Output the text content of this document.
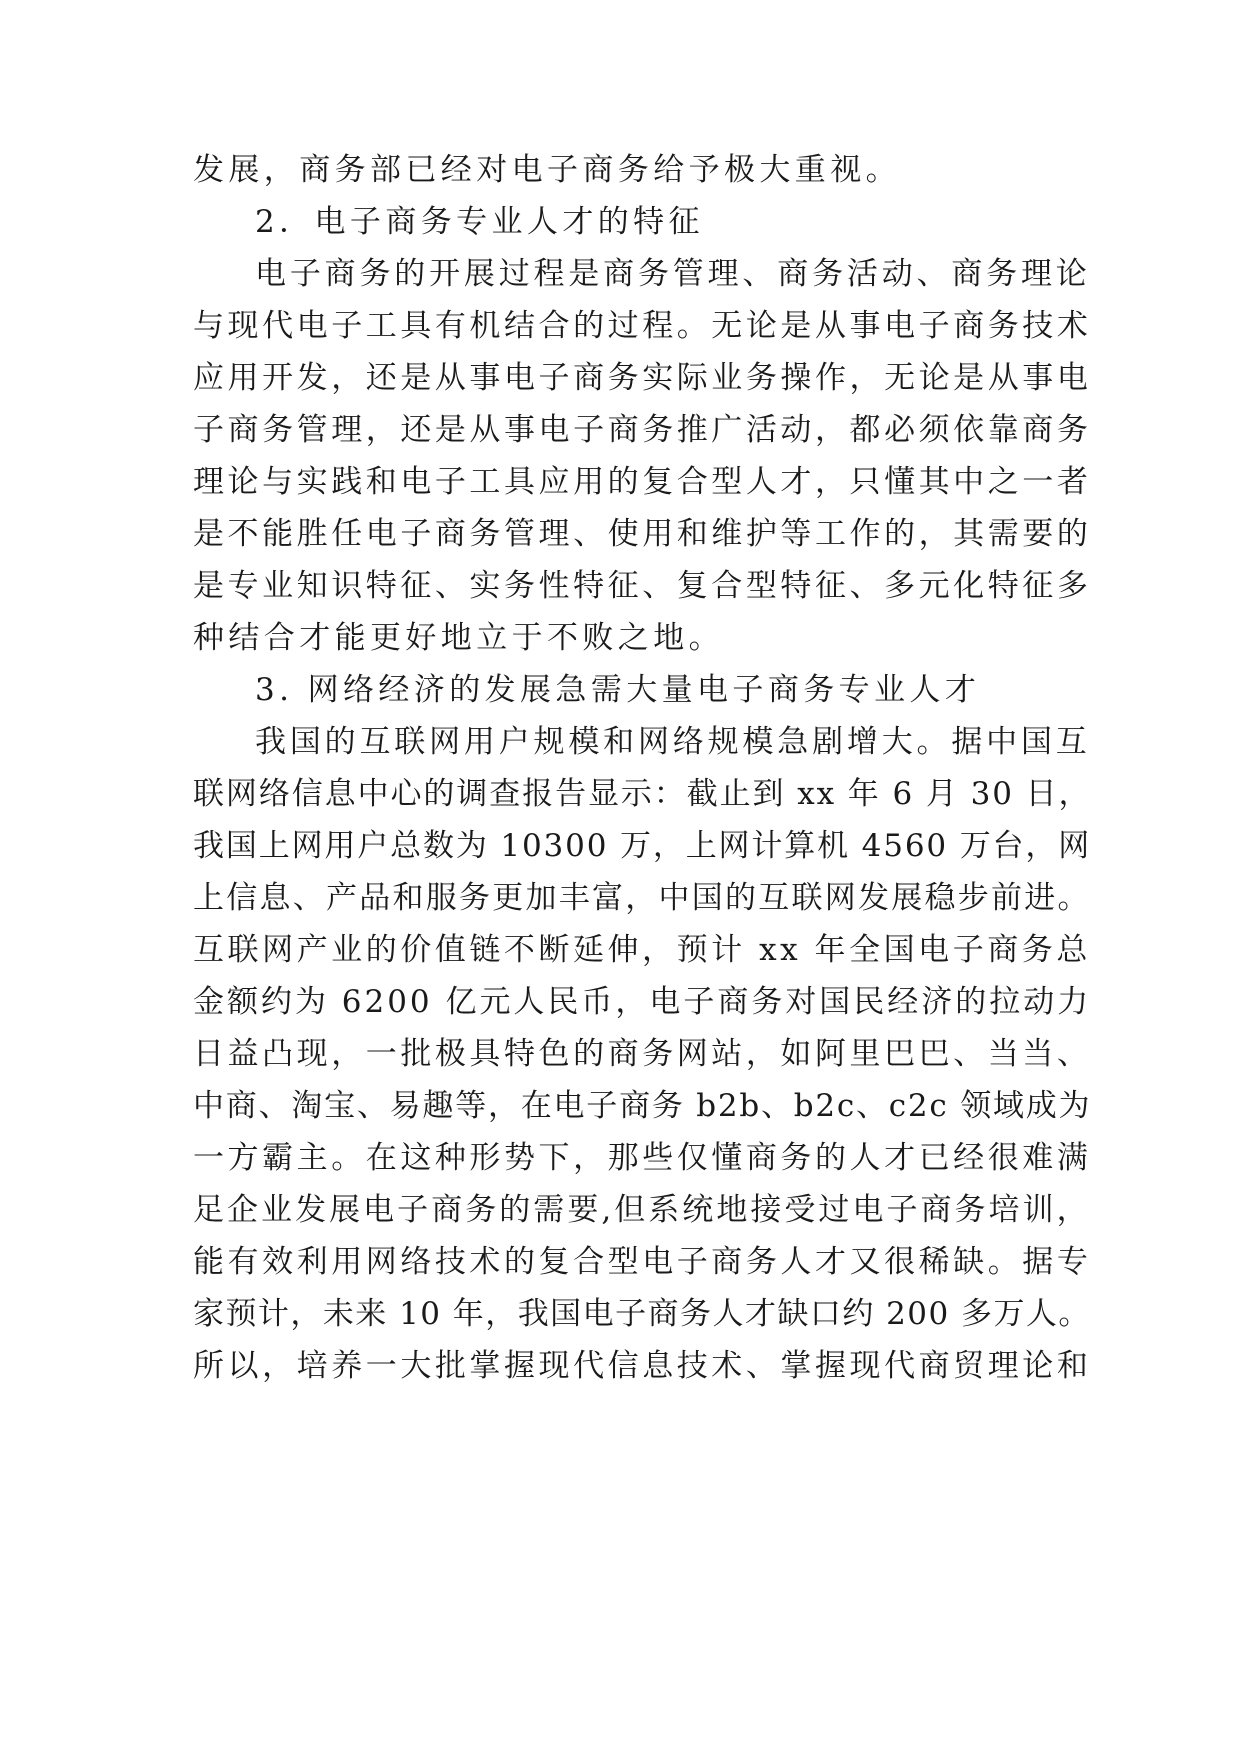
发展，商务部已经对电子商务给予极大重视。
2．电子商务专业人才的特征
电子商务的开展过程是商务管理、商务活动、商务理论
与现代电子工具有机结合的过程。无论是从事电子商务技术
应用开发，还是从事电子商务实际业务操作，无论是从事电
子商务管理，还是从事电子商务推广活动，都必须依靠商务
理论与实践和电子工具应用的复合型人才，只懂其中之一者
是不能胜任电子商务管理、使用和维护等工作的，其需要的
是专业知识特征、实务性特征、复合型特征、多元化特征多
种结合才能更好地立于不败之地。
3. 网络经济的发展急需大量电子商务专业人才
我国的互联网用户规模和网络规模急剧增大。据中国互
联网络信息中心的调查报告显示：截止到 xx 年 6 月 30 日，
我国上网用户总数为 10300 万，上网计算机 4560 万台，网
上信息、产品和服务更加丰富，中国的互联网发展稳步前进。
互联网产业的价值链不断延伸，预计 xx 年全国电子商务总
金额约为 6200 亿元人民币，电子商务对国民经济的拉动力
日益凸现，一批极具特色的商务网站，如阿里巴巴、当当、
中商、淘宝、易趣等，在电子商务 b2b、b2c、c2c 领域成为
一方霸主。在这种形势下，那些仅懂商务的人才已经很难满
足企业发展电子商务的需要,但系统地接受过电子商务培训，
能有效利用网络技术的复合型电子商务人才又很稀缺。据专
家预计，未来 10 年，我国电子商务人才缺口约 200 多万人。
所以，培养一大批掌握现代信息技术、掌握现代商贸理论和
